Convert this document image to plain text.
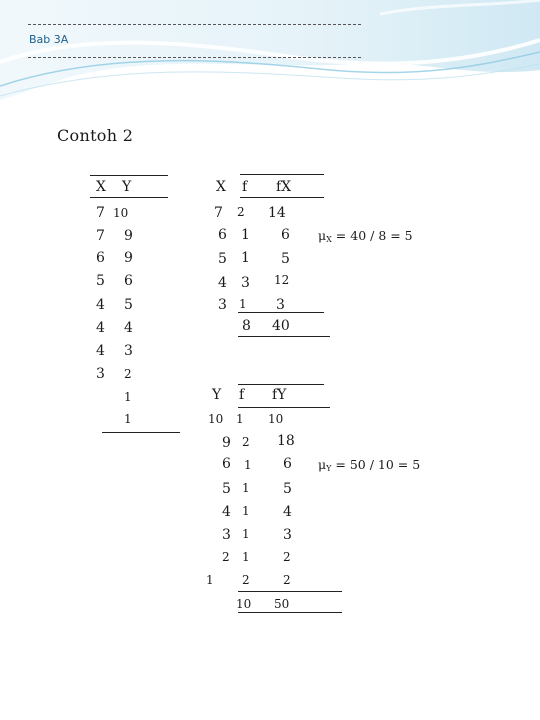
Bab 3A
Contoh 2
X Y
7
7
6
5
4
4
4
3
10
9
9
6
5
4
3
2
1
1
X f fX
7 2 14
6 1 6
5 1 5
4 3 12
3 1 3
8 40
$\mu_X = 40 / 8 = 5$
Y f fY
10 1 10
9 2 18
6 1 6
5 1 5
4 1 4
3 1 3
2 1	2
1 2	2
10 50
$\mu_Y = 50 / 10 = 5$
